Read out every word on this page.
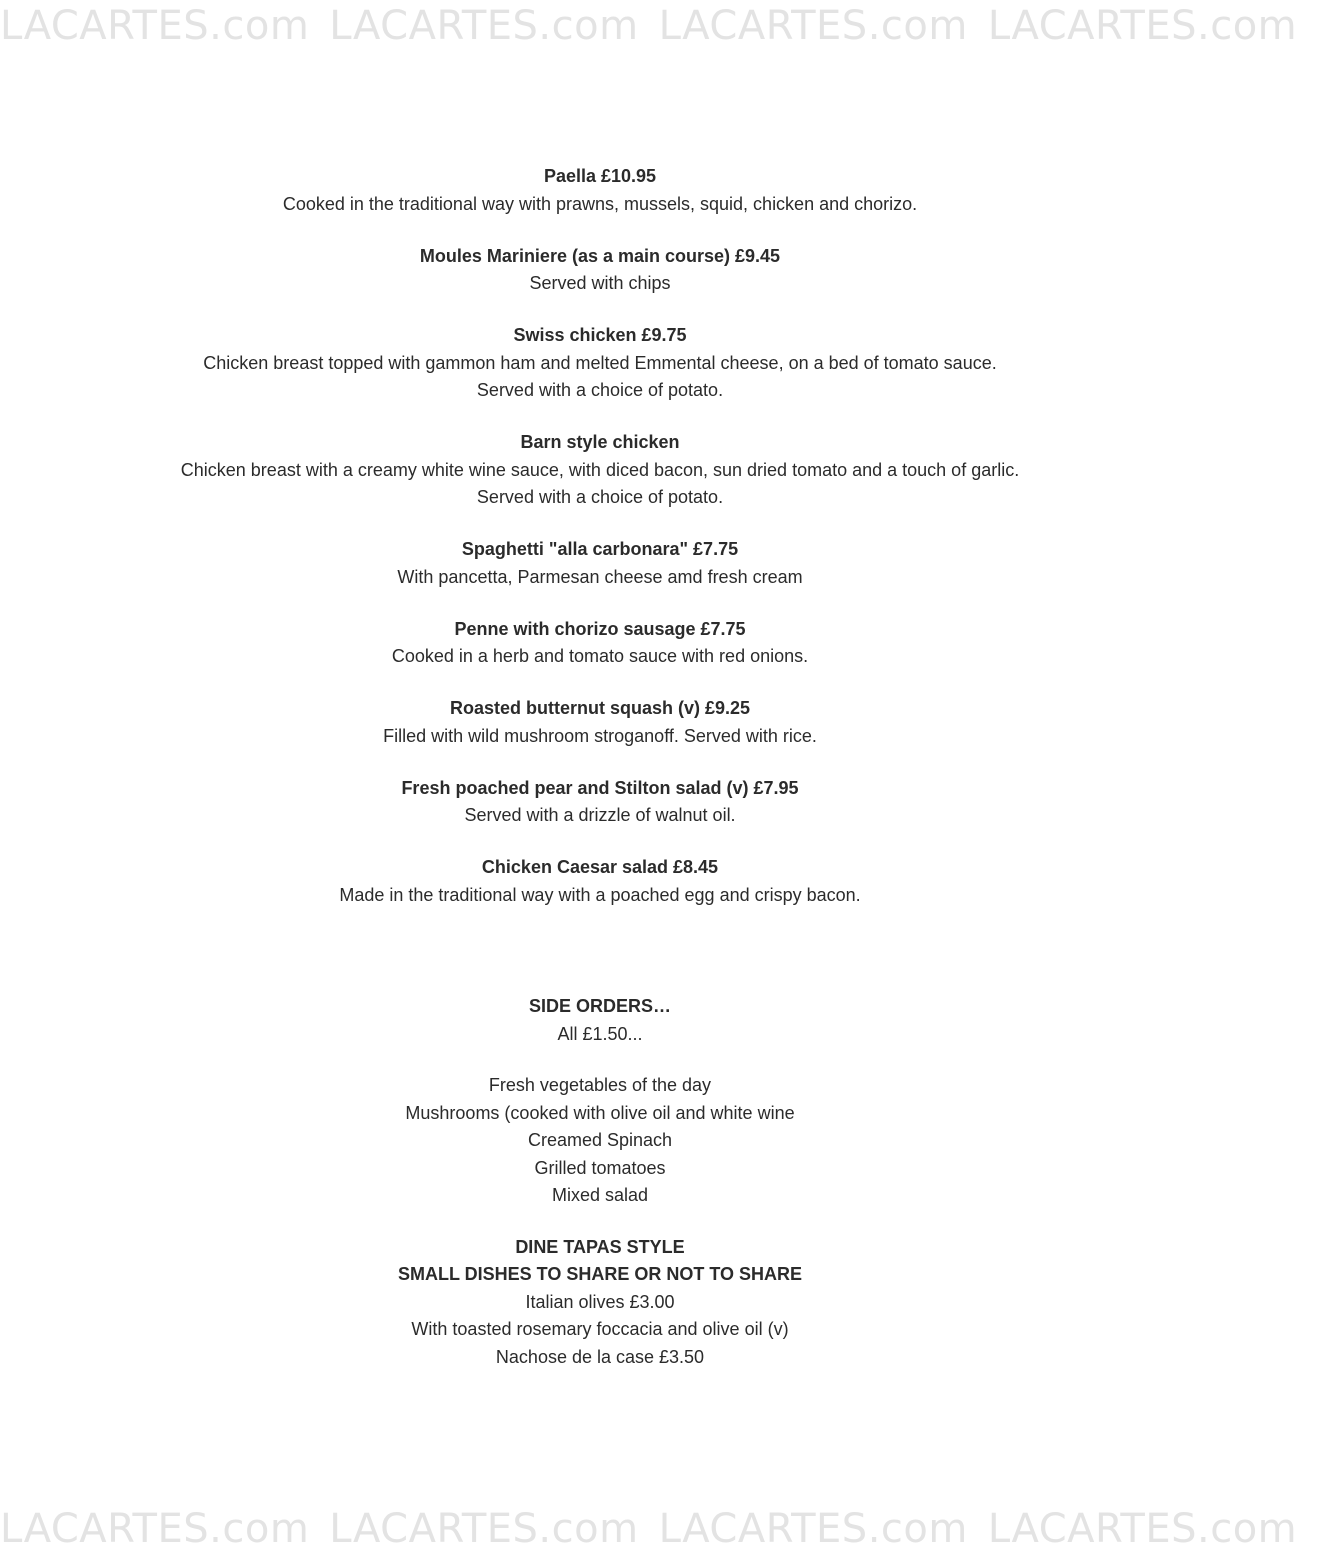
LACARTES.com LACARTES.com LACARTES.com LACARTES.com
Paella £10.95
Cooked in the traditional way with prawns, mussels, squid, chicken and chorizo.
Moules Mariniere (as a main course) £9.45
Served with chips
Swiss chicken £9.75
Chicken breast topped with gammon ham and melted Emmental cheese, on a bed of tomato sauce.
Served with a choice of potato.
Barn style chicken
Chicken breast with a creamy white wine sauce, with diced bacon, sun dried tomato and a touch of garlic.
Served with a choice of potato.
Spaghetti "alla carbonara" £7.75
With pancetta, Parmesan cheese amd fresh cream
Penne with chorizo sausage £7.75
Cooked in a herb and tomato sauce with red onions.
Roasted butternut squash (v) £9.25
Filled with wild mushroom stroganoff. Served with rice.
Fresh poached pear and Stilton salad (v) £7.95
Served with a drizzle of walnut oil.
Chicken Caesar salad £8.45
Made in the traditional way with a poached egg and crispy bacon.
SIDE ORDERS…
All £1.50...
Fresh vegetables of the day
Mushrooms (cooked with olive oil and white wine
Creamed Spinach
Grilled tomatoes
Mixed salad
DINE TAPAS STYLE
SMALL DISHES TO SHARE OR NOT TO SHARE
Italian olives £3.00
With toasted rosemary foccacia and olive oil (v)
Nachose de la case £3.50
LACARTES.com LACARTES.com LACARTES.com LACARTES.com
